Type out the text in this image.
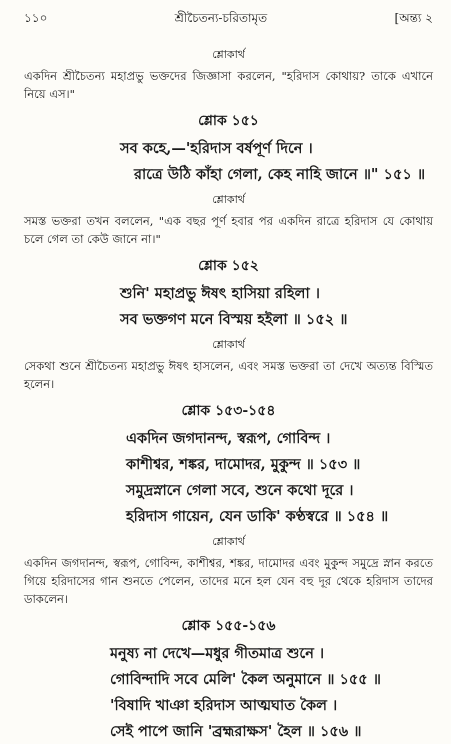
১১০	শ্রীচৈতন্য-চরিতামৃত	[অন্ত্য ২
শ্লোকার্থ

একদিন শ্রীচৈতন্য মহাপ্রভু ভক্তদের জিজ্ঞাসা করলেন, "হরিদাস কোথায়? তাকে এখানে নিয়ে এস।"

শ্লোক ১৫১

সব কহে,—'হরিদাস বর্ষপূর্ণ দিনে ।

রাত্রে উঠি কাঁহা গেলা, কেহ নাহি জানে ॥" ১৫১ ॥

শ্লোকার্থ

সমস্ত ভক্তরা তখন বললেন, "এক বছর পূর্ণ হবার পর একদিন রাত্রে হরিদাস যে কোথায় চলে গেল তা কেউ জানে না।"

শ্লোক ১৫২

শুনি' মহাপ্রভু ঈষৎ হাসিয়া রহিলা ।

সব ভক্তগণ মনে বিস্ময় হইলা ॥ ১৫২ ॥

শ্লোকার্থ

সেকথা শুনে শ্রীচৈতন্য মহাপ্রভু ঈষৎ হাসলেন, এবং সমস্ত ভক্তরা তা দেখে অত্যন্ত বিস্মিত হলেন।

শ্লোক ১৫৩-১৫৪

একদিন জগদানন্দ, স্বরূপ, গোবিন্দ ।

কাশীশ্বর, শঙ্কর, দামোদর, মুকুন্দ ॥ ১৫৩ ॥

সমুদ্রস্নানে গেলা সবে, শুনে কথো দূরে ।

হরিদাস গায়েন, যেন ডাকি' কণ্ঠস্বরে ॥ ১৫৪ ॥

শ্লোকার্থ

একদিন জগদানন্দ, স্বরূপ, গোবিন্দ, কাশীশ্বর, শঙ্কর, দামোদর এবং মুকুন্দ সমুদ্রে স্নান করতে গিয়ে হরিদাসের গান শুনতে পেলেন, তাদের মনে হল যেন বহু দূর থেকে হরিদাস তাদের ডাকলেন।

শ্লোক ১৫৫-১৫৬

মনুষ্য না দেখে—মধুর গীতমাত্র শুনে ।

গোবিন্দাদি সবে মেলি' কৈল অনুমানে ॥ ১৫৫ ॥

'বিষাদি খাঞা হরিদাস আত্মঘাত কৈল ।

সেই পাপে জানি 'ব্রহ্মরাক্ষস' হৈল ॥ ১৫৬ ॥
